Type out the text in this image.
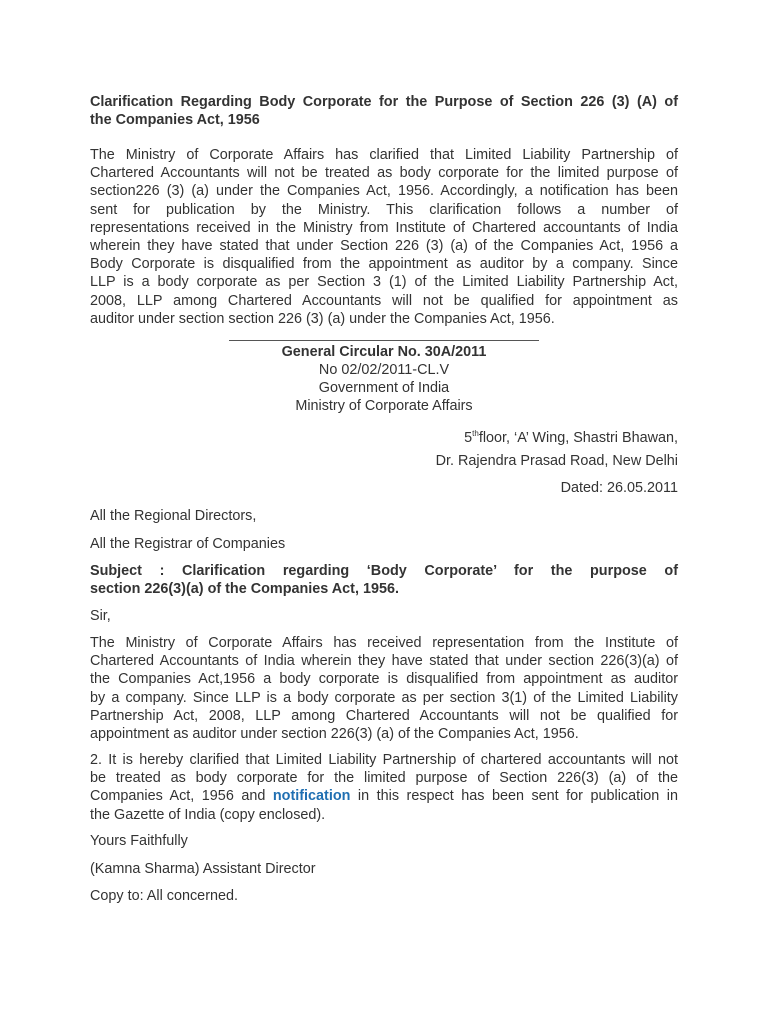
Clarification Regarding Body Corporate for the Purpose of Section 226 (3) (A) of
the Companies Act, 1956
The Ministry of Corporate Affairs has clarified that Limited Liability Partnership of
Chartered Accountants will not be treated as body corporate for the limited purpose of
section226 (3) (a) under the Companies Act, 1956. Accordingly, a notification has been
sent for publication by the Ministry. This clarification follows a number of
representations received in the Ministry from Institute of Chartered accountants of India
wherein they have stated that under Section 226 (3) (a) of the Companies Act, 1956 a
Body Corporate is disqualified from the appointment as auditor by a company. Since
LLP is a body corporate as per Section 3 (1) of the Limited Liability Partnership Act,
2008, LLP among Chartered Accountants will not be qualified for appointment as
auditor under section section 226 (3) (a) under the Companies Act, 1956.
General Circular No. 30A/2011
No 02/02/2011-CL.V
Government of India
Ministry of Corporate Affairs
5thfloor, ‘A’ Wing, Shastri Bhawan,
Dr. Rajendra Prasad Road, New Delhi
Dated: 26.05.2011
All the Regional Directors,
All the Registrar of Companies
Subject : Clarification regarding ‘Body Corporate’ for the purpose of
section 226(3)(a) of the Companies Act, 1956.
Sir,
The Ministry of Corporate Affairs has received representation from the Institute of
Chartered Accountants of India wherein they have stated that under section 226(3)(a) of
the Companies Act,1956 a body corporate is disqualified from appointment as auditor
by a company. Since LLP is a body corporate as per section 3(1) of the Limited Liability
Partnership Act, 2008, LLP among Chartered Accountants will not be qualified for
appointment as auditor under section 226(3) (a) of the Companies Act, 1956.
2. It is hereby clarified that Limited Liability Partnership of chartered accountants will not
be treated as body corporate for the limited purpose of Section 226(3) (a) of the
Companies Act, 1956 and notification in this respect has been sent for publication in
the Gazette of India (copy enclosed).
Yours Faithfully
(Kamna Sharma) Assistant Director
Copy to: All concerned.
